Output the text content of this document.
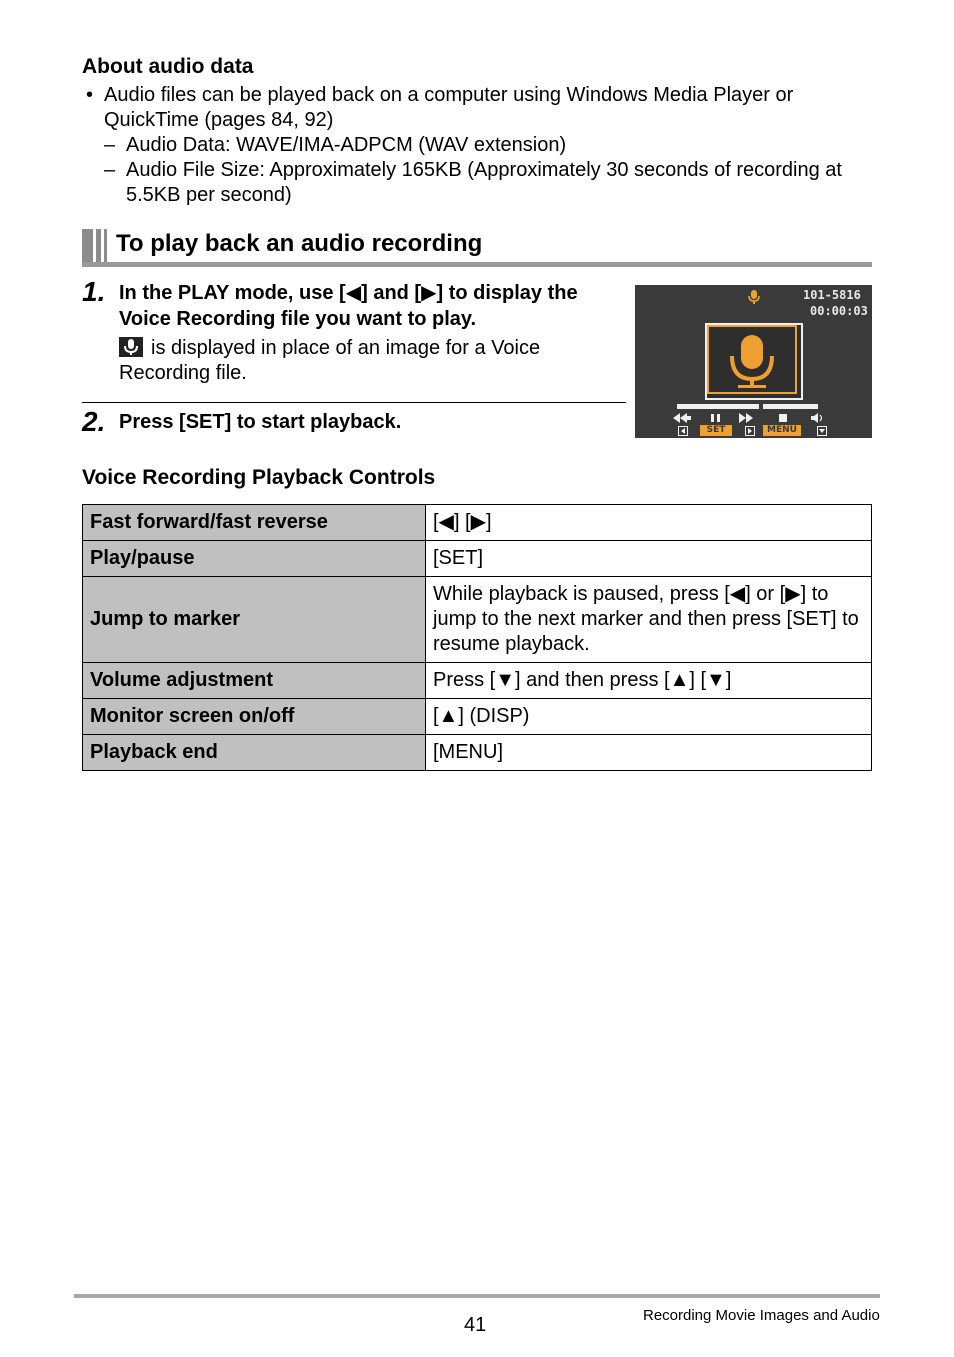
About audio data
• Audio files can be played back on a computer using Windows Media Player or QuickTime (pages 84, 92)
– Audio Data: WAVE/IMA-ADPCM (WAV extension)
– Audio File Size: Approximately 165KB (Approximately 30 seconds of recording at 5.5KB per second)
To play back an audio recording
1. In the PLAY mode, use [◀] and [▶] to display the Voice Recording file you want to play.
is displayed in place of an image for a Voice Recording file.
2. Press [SET] to start playback.
101-5816
00:00:03
SET	MENU
Voice Recording Playback Controls
Fast forward/fast reverse	[◀] [▶]
Play/pause	[SET]
Jump to marker	While playback is paused, press [◀] or [▶] to jump to the next marker and then press [SET] to resume playback.
Volume adjustment	Press [▼] and then press [▲] [▼]
Monitor screen on/off	[▲] (DISP)
Playback end	[MENU]
41	Recording Movie Images and Audio
